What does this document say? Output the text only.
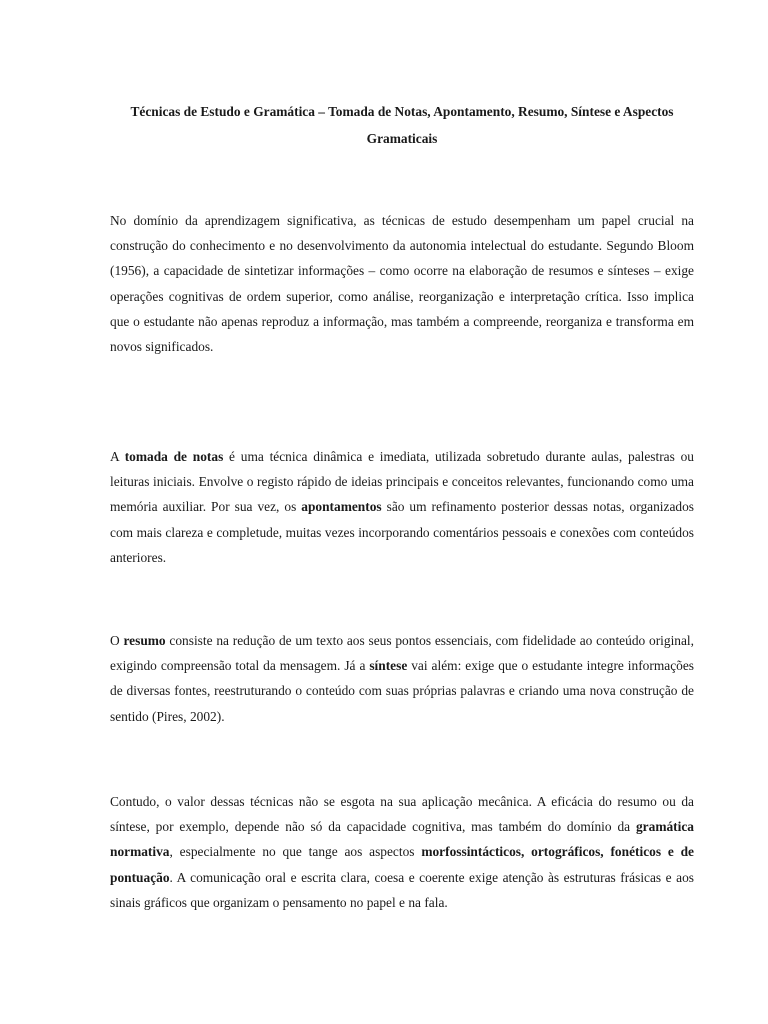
Técnicas de Estudo e Gramática – Tomada de Notas, Apontamento, Resumo, Síntese e Aspectos Gramaticais

No domínio da aprendizagem significativa, as técnicas de estudo desempenham um papel crucial na construção do conhecimento e no desenvolvimento da autonomia intelectual do estudante. Segundo Bloom (1956), a capacidade de sintetizar informações – como ocorre na elaboração de resumos e sínteses – exige operações cognitivas de ordem superior, como análise, reorganização e interpretação crítica. Isso implica que o estudante não apenas reproduz a informação, mas também a compreende, reorganiza e transforma em novos significados.

A tomada de notas é uma técnica dinâmica e imediata, utilizada sobretudo durante aulas, palestras ou leituras iniciais. Envolve o registo rápido de ideias principais e conceitos relevantes, funcionando como uma memória auxiliar. Por sua vez, os apontamentos são um refinamento posterior dessas notas, organizados com mais clareza e completude, muitas vezes incorporando comentários pessoais e conexões com conteúdos anteriores.

O resumo consiste na redução de um texto aos seus pontos essenciais, com fidelidade ao conteúdo original, exigindo compreensão total da mensagem. Já a síntese vai além: exige que o estudante integre informações de diversas fontes, reestruturando o conteúdo com suas próprias palavras e criando uma nova construção de sentido (Pires, 2002).

Contudo, o valor dessas técnicas não se esgota na sua aplicação mecânica. A eficácia do resumo ou da síntese, por exemplo, depende não só da capacidade cognitiva, mas também do domínio da gramática normativa, especialmente no que tange aos aspectos morfossintácticos, ortográficos, fonéticos e de pontuação. A comunicação oral e escrita clara, coesa e coerente exige atenção às estruturas frásicas e aos sinais gráficos que organizam o pensamento no papel e na fala.
